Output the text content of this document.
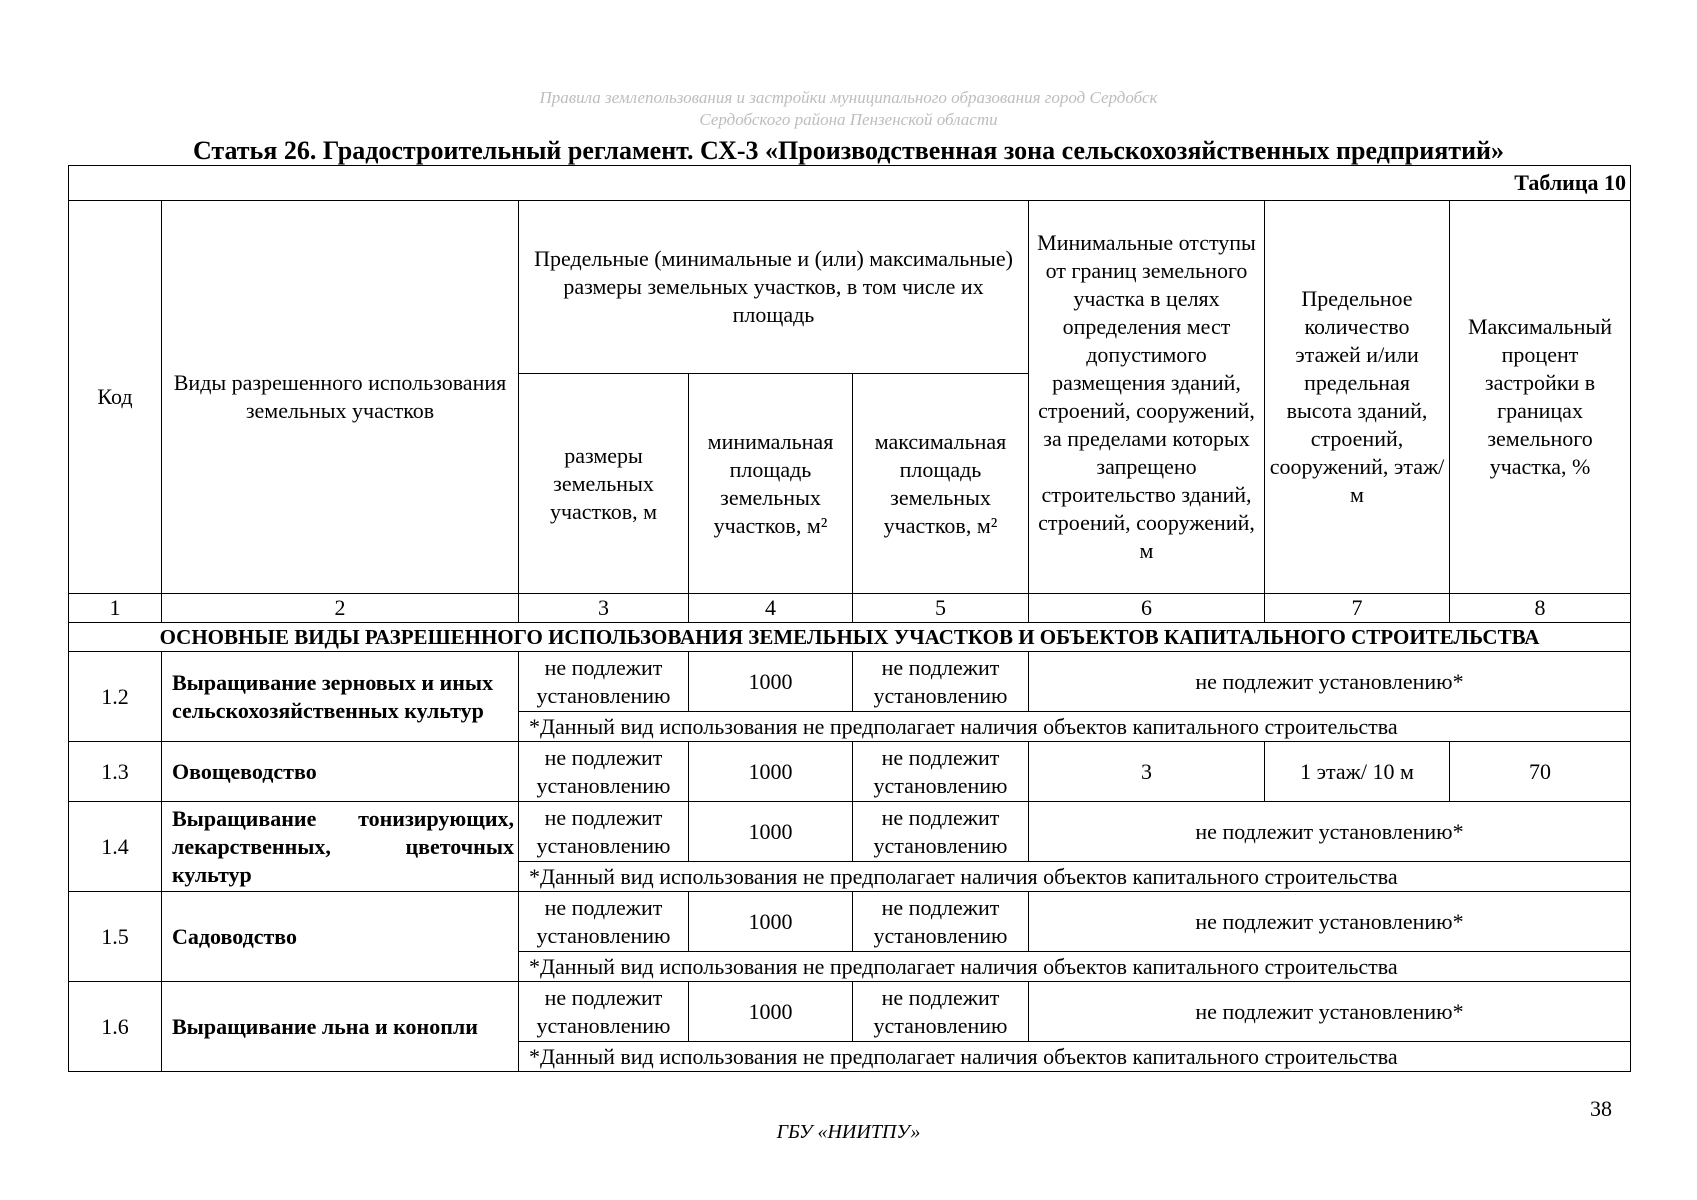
Правила землепользования и застройки муниципального образования город Сердобск
Сердобского района Пензенской области
Статья 26. Градостроительный регламент. СХ-3 «Производственная зона сельскохозяйственных предприятий»
Таблица 10							
Код	Виды разрешенного использования земельных участков	Предельные (минимальные и (или) максимальные) размеры земельных участков, в том числе их площадь			Минимальные отступы от границ земельного участка в целях определения мест допустимого размещения зданий, строений, сооружений, за пределами которых запрещено строительство зданий, строений, сооружений, м	Предельное количество этажей и/или предельная высота зданий, строений, сооружений, этаж/м	Максимальный процент застройки в границах земельного участка, %
		размеры земельных участков, м	минимальная площадь земельных участков, м²	максимальная площадь земельных участков, м²			
1	2	3	4	5	6	7	8
ОСНОВНЫЕ ВИДЫ РАЗРЕШЕННОГО ИСПОЛЬЗОВАНИЯ ЗЕМЕЛЬНЫХ УЧАСТКОВ И ОБЪЕКТОВ КАПИТАЛЬНОГО СТРОИТЕЛЬСТВА							
1.2	Выращивание зерновых и иных сельскохозяйственных культур	не подлежит установлению	1000	не подлежит установлению	не подлежит установлению*		
		*Данный вид использования не предполагает наличия объектов капитального строительства					
1.3	Овощеводство	не подлежит установлению	1000	не подлежит установлению	3	1 этаж/ 10 м	70
1.4	Выращивание тонизирующих, лекарственных, цветочных культур	не подлежит установлению	1000	не подлежит установлению	не подлежит установлению*		
		*Данный вид использования не предполагает наличия объектов капитального строительства					
1.5	Садоводство	не подлежит установлению	1000	не подлежит установлению	не подлежит установлению*		
		*Данный вид использования не предполагает наличия объектов капитального строительства					
1.6	Выращивание льна и конопли	не подлежит установлению	1000	не подлежит установлению	не подлежит установлению*		
		*Данный вид использования не предполагает наличия объектов капитального строительства					
38
ГБУ «НИИТПУ»
